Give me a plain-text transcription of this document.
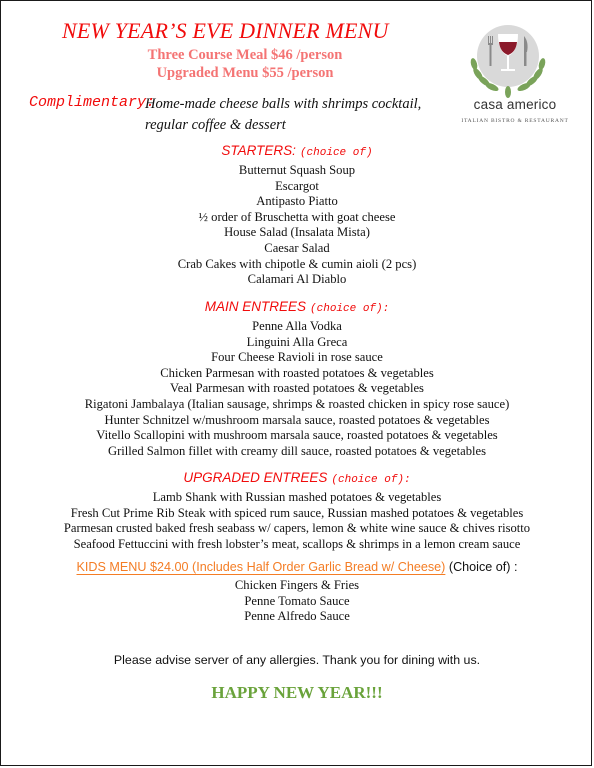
NEW YEAR’S EVE DINNER MENU
Three Course Meal $46 /person
Upgraded Menu $55 /person
casa americo
ITALIAN BISTRO & RESTAURANT
Complimentary:
Home-made cheese balls with shrimps cocktail,
regular coffee & dessert
STARTERS: (choice of)
Butternut Squash Soup
Escargot
Antipasto Piatto
½ order of Bruschetta with goat cheese
House Salad (Insalata Mista)
Caesar Salad
Crab Cakes with chipotle & cumin aioli (2 pcs)
Calamari Al Diablo
MAIN ENTREES (choice of):
Penne Alla Vodka
Linguini Alla Greca
Four Cheese Ravioli in rose sauce
Chicken Parmesan with roasted potatoes & vegetables
Veal Parmesan with roasted potatoes & vegetables
Rigatoni Jambalaya (Italian sausage, shrimps & roasted chicken in spicy rose sauce)
Hunter Schnitzel w/mushroom marsala sauce, roasted potatoes & vegetables
Vitello Scallopini with mushroom marsala sauce, roasted potatoes & vegetables
Grilled Salmon fillet with creamy dill sauce, roasted potatoes & vegetables
UPGRADED ENTREES (choice of):
Lamb Shank with Russian mashed potatoes & vegetables
Fresh Cut Prime Rib Steak with spiced rum sauce, Russian mashed potatoes & vegetables
Parmesan crusted baked fresh seabass w/ capers, lemon & white wine sauce & chives risotto
Seafood Fettuccini with fresh lobster’s meat, scallops & shrimps in a lemon cream sauce
KIDS MENU $24.00 (Includes Half Order Garlic Bread w/ Cheese) (Choice of) :
Chicken Fingers & Fries
Penne Tomato Sauce
Penne Alfredo Sauce
Please advise server of any allergies. Thank you for dining with us.
HAPPY NEW YEAR!!!
